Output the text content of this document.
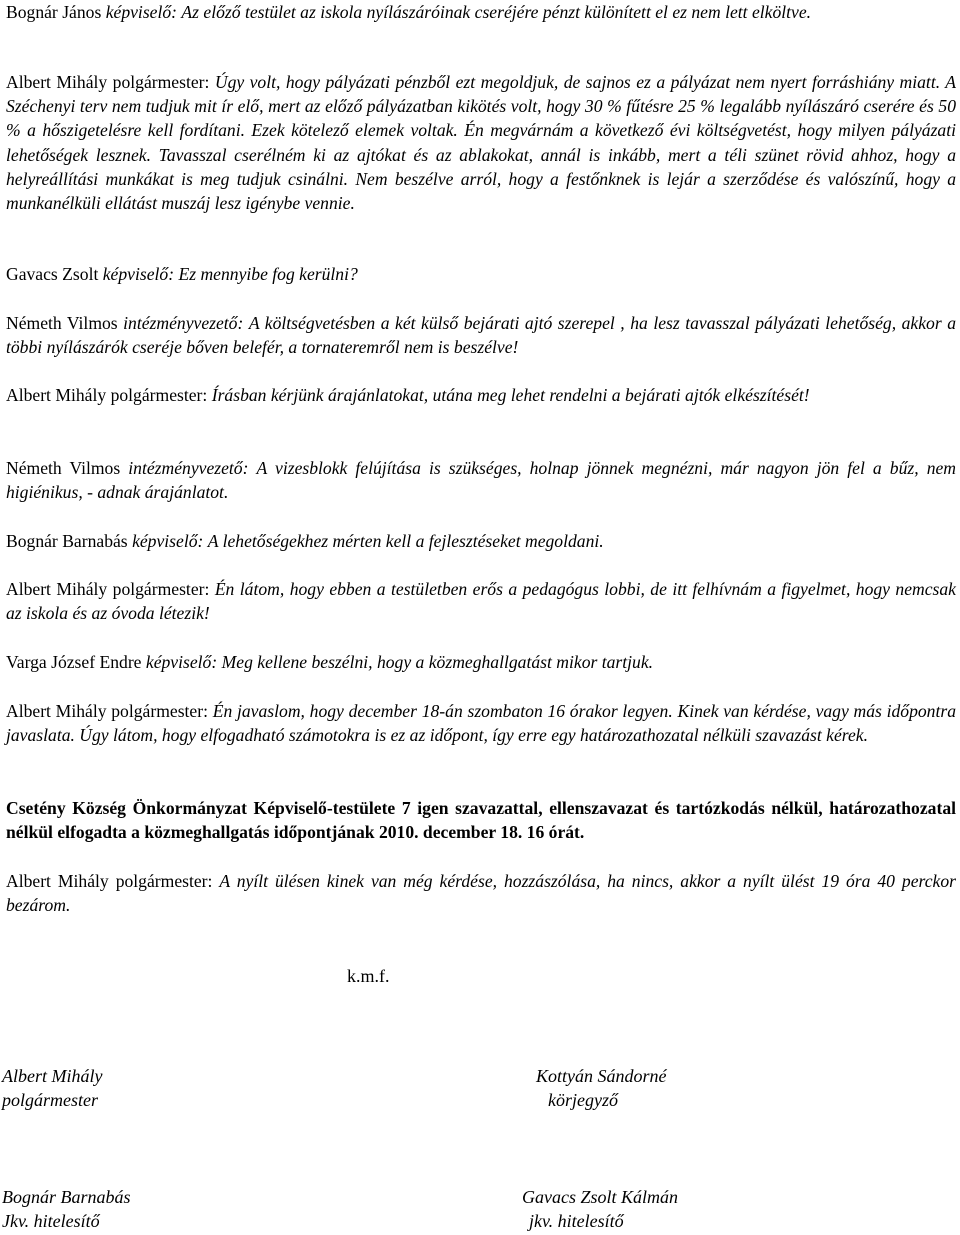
Bognár János képviselő: Az előző testület az iskola nyílászáróinak cseréjére pénzt különített el ez nem lett elköltve.

Albert Mihály polgármester: Úgy volt, hogy pályázati pénzből ezt megoldjuk, de sajnos ez a pályázat nem nyert forráshiány miatt. A Széchenyi terv nem tudjuk mit ír elő, mert az előző pályázatban kikötés volt, hogy 30 % fűtésre 25 % legalább nyílászáró cserére és 50 % a hőszigetelésre kell fordítani. Ezek kötelező elemek voltak. Én megvárnám a következő évi költségvetést, hogy milyen pályázati lehetőségek lesznek. Tavasszal cserélném ki az ajtókat és az ablakokat, annál is inkább, mert a téli szünet rövid ahhoz, hogy a helyreállítási munkákat is meg tudjuk csinálni. Nem beszélve arról, hogy a festőnknek is lejár a szerződése és valószínű, hogy a munkanélküli ellátást muszáj lesz igénybe vennie.

Gavacs Zsolt képviselő: Ez mennyibe fog kerülni?

Németh Vilmos intézményvezető: A költségvetésben a két külső bejárati ajtó szerepel , ha lesz tavasszal pályázati lehetőség, akkor a többi nyílászárók cseréje bőven belefér, a tornateremről nem is beszélve!

Albert Mihály polgármester: Írásban kérjünk árajánlatokat, utána meg lehet rendelni a bejárati ajtók elkészítését!

Németh Vilmos intézményvezető: A vizesblokk felújítása is szükséges, holnap jönnek megnézni, már nagyon jön fel a bűz, nem higiénikus, - adnak árajánlatot.

Bognár Barnabás képviselő: A lehetőségekhez mérten kell a fejlesztéseket megoldani.

Albert Mihály polgármester: Én látom, hogy ebben a testületben erős a pedagógus lobbi, de itt felhívnám a figyelmet, hogy nemcsak az iskola és az óvoda létezik!

Varga József Endre képviselő: Meg kellene beszélni, hogy a közmeghallgatást mikor tartjuk.

Albert Mihály polgármester: Én javaslom, hogy december 18-án szombaton 16 órakor legyen. Kinek van kérdése, vagy más időpontra javaslata. Úgy látom, hogy elfogadható számotokra is ez az időpont, így erre egy határozathozatal nélküli szavazást kérek.

Csetény Község Önkormányzat Képviselő-testülete 7 igen szavazattal, ellenszavazat és tartózkodás nélkül, határozathozatal nélkül elfogadta a közmeghallgatás időpontjának 2010. december 18. 16 órát.

Albert Mihály polgármester: A nyílt ülésen kinek van még kérdése, hozzászólása, ha nincs, akkor a nyílt ülést 19 óra 40 perckor bezárom.

k.m.f.
Albert Mihály
polgármester
Kottyán Sándorné
körjegyző
Bognár Barnabás
Jkv. hitelesítő
Gavacs Zsolt Kálmán
jkv. hitelesítő
